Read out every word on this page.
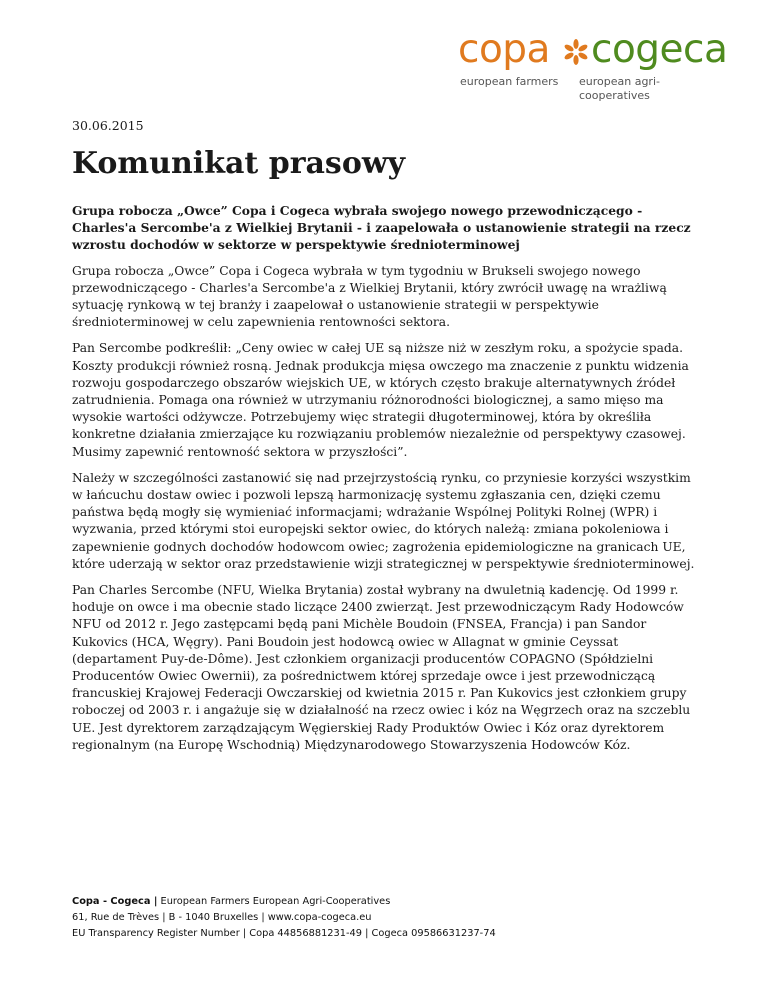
copa cogeca
european farmers european agri-cooperatives
30.06.2015
Komunikat prasowy

Grupa robocza „Owce” Copa i Cogeca wybrała swojego nowego przewodniczącego - Charles'a Sercombe'a z Wielkiej Brytanii - i zaapelowała o ustanowienie strategii na rzecz wzrostu dochodów w sektorze w perspektywie średnioterminowej

Grupa robocza „Owce” Copa i Cogeca wybrała w tym tygodniu w Brukseli swojego nowego przewodniczącego - Charles'a Sercombe'a z Wielkiej Brytanii, który zwrócił uwagę na wrażliwą sytuację rynkową w tej branży i zaapelował o ustanowienie strategii w perspektywie średnioterminowej w celu zapewnienia rentowności sektora.

Pan Sercombe podkreślił: „Ceny owiec w całej UE są niższe niż w zeszłym roku, a spożycie spada. Koszty produkcji również rosną. Jednak produkcja mięsa owczego ma znaczenie z punktu widzenia rozwoju gospodarczego obszarów wiejskich UE, w których często brakuje alternatywnych źródeł zatrudnienia. Pomaga ona również w utrzymaniu różnorodności biologicznej, a samo mięso ma wysokie wartości odżywcze. Potrzebujemy więc strategii długoterminowej, która by określiła konkretne działania zmierzające ku rozwiązaniu problemów niezależnie od perspektywy czasowej. Musimy zapewnić rentowność sektora w przyszłości”.

Należy w szczególności zastanowić się nad przejrzystością rynku, co przyniesie korzyści wszystkim w łańcuchu dostaw owiec i pozwoli lepszą harmonizację systemu zgłaszania cen, dzięki czemu państwa będą mogły się wymieniać informacjami; wdrażanie Wspólnej Polityki Rolnej (WPR) i wyzwania, przed którymi stoi europejski sektor owiec, do których należą: zmiana pokoleniowa i zapewnienie godnych dochodów hodowcom owiec; zagrożenia epidemiologiczne na granicach UE, które uderzają w sektor oraz przedstawienie wizji strategicznej w perspektywie średnioterminowej.

Pan Charles Sercombe (NFU, Wielka Brytania) został wybrany na dwuletnią kadencję. Od 1999 r. hoduje on owce i ma obecnie stado liczące 2400 zwierząt. Jest przewodniczącym Rady Hodowców NFU od 2012 r. Jego zastępcami będą pani Michèle Boudoin (FNSEA, Francja) i pan Sandor Kukovics (HCA, Węgry). Pani Boudoin jest hodowcą owiec w Allagnat w gminie Ceyssat (departament Puy-de-Dôme). Jest członkiem organizacji producentów COPAGNO (Spółdzielni Producentów Owiec Owernii), za pośrednictwem której sprzedaje owce i jest przewodniczącą francuskiej Krajowej Federacji Owczarskiej od kwietnia 2015 r. Pan Kukovics jest członkiem grupy roboczej od 2003 r. i angażuje się w działalność na rzecz owiec i kóz na Węgrzech oraz na szczeblu UE. Jest dyrektorem zarządzającym Węgierskiej Rady Produktów Owiec i Kóz oraz dyrektorem regionalnym (na Europę Wschodnią) Międzynarodowego Stowarzyszenia Hodowców Kóz.

Copa - Cogeca | European Farmers European Agri-Cooperatives
61, Rue de Trèves | B - 1040 Bruxelles | www.copa-cogeca.eu
EU Transparency Register Number | Copa 44856881231-49 | Cogeca 09586631237-74
